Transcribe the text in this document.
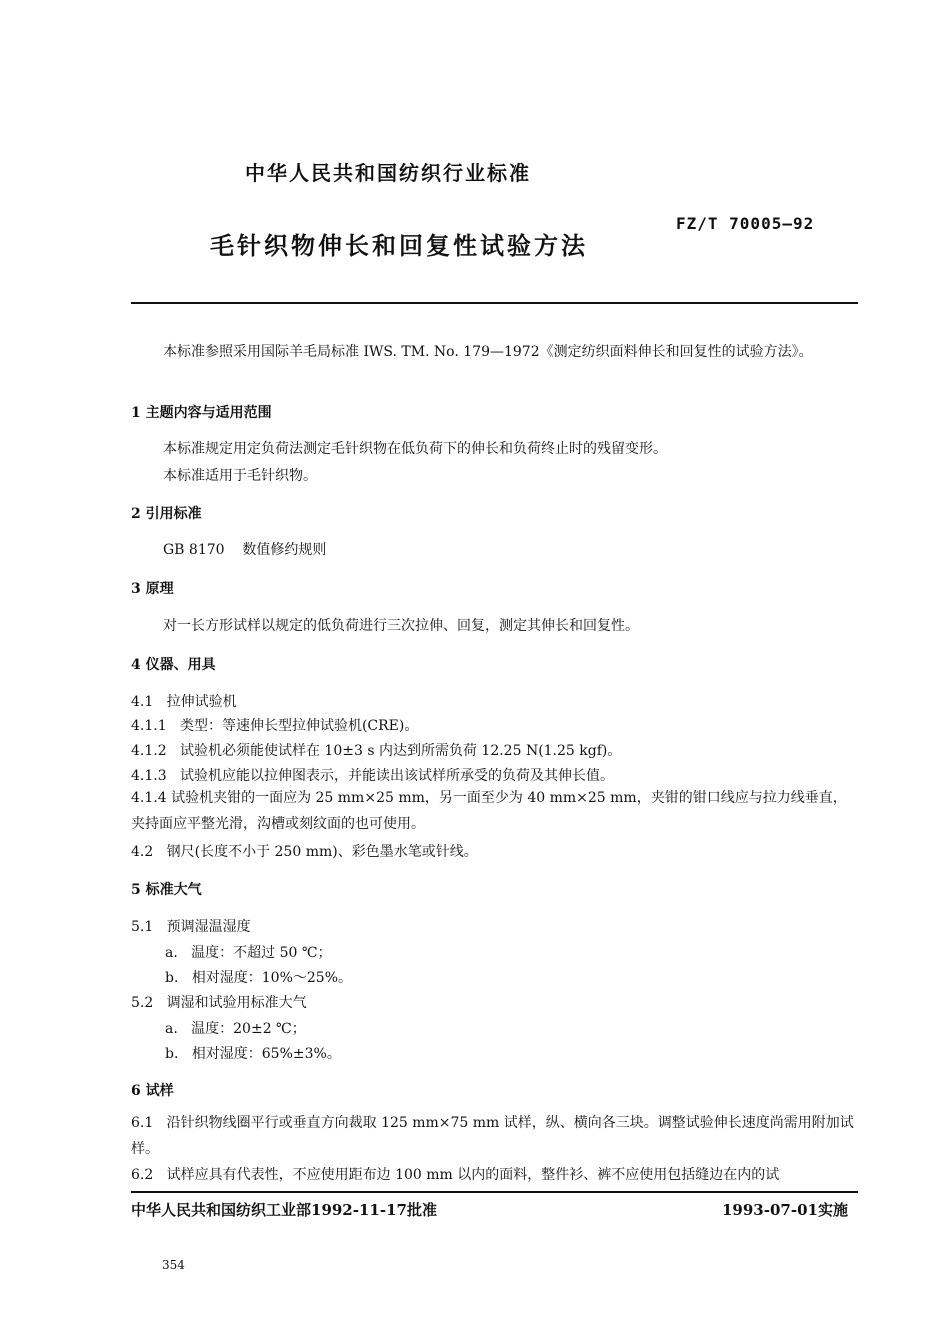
中华人民共和国纺织行业标准
毛针织物伸长和回复性试验方法
FZ/T 70005—92
本标准参照采用国际羊毛局标准 IWS. TM. No. 179—1972《测定纺织面料伸长和回复性的试验方法》。
1 主题内容与适用范围
本标准规定用定负荷法测定毛针织物在低负荷下的伸长和负荷终止时的残留变形。
本标准适用于毛针织物。
2 引用标准
GB 8170    数值修约规则
3 原理
对一长方形试样以规定的低负荷进行三次拉伸、回复，测定其伸长和回复性。
4 仪器、用具
4.1   拉伸试验机
4.1.1   类型：等速伸长型拉伸试验机(CRE)。
4.1.2   试验机必须能使试样在 10±3 s 内达到所需负荷 12.25 N(1.25 kgf)。
4.1.3   试验机应能以拉伸图表示，并能读出该试样所承受的负荷及其伸长值。
4.1.4 试验机夹钳的一面应为 25 mm×25 mm，另一面至少为 40 mm×25 mm，夹钳的钳口线应与拉力线垂直，夹持面应平整光滑，沟槽或刻纹面的也可使用。
4.2   钢尺(长度不小于 250 mm)、彩色墨水笔或针线。
5 标准大气
5.1   预调湿温湿度
a.   温度：不超过 50 ℃；
b.   相对湿度：10%～25%。
5.2   调湿和试验用标准大气
a.   温度：20±2 ℃；
b.   相对湿度：65%±3%。
6 试样
6.1   沿针织物线圈平行或垂直方向裁取 125 mm×75 mm 试样，纵、横向各三块。调整试验伸长速度尚需用附加试样。
6.2   试样应具有代表性，不应使用距布边 100 mm 以内的面料，整件衫、裤不应使用包括缝边在内的试
中华人民共和国纺织工业部1992-11-17批准	1993-07-01实施
354
